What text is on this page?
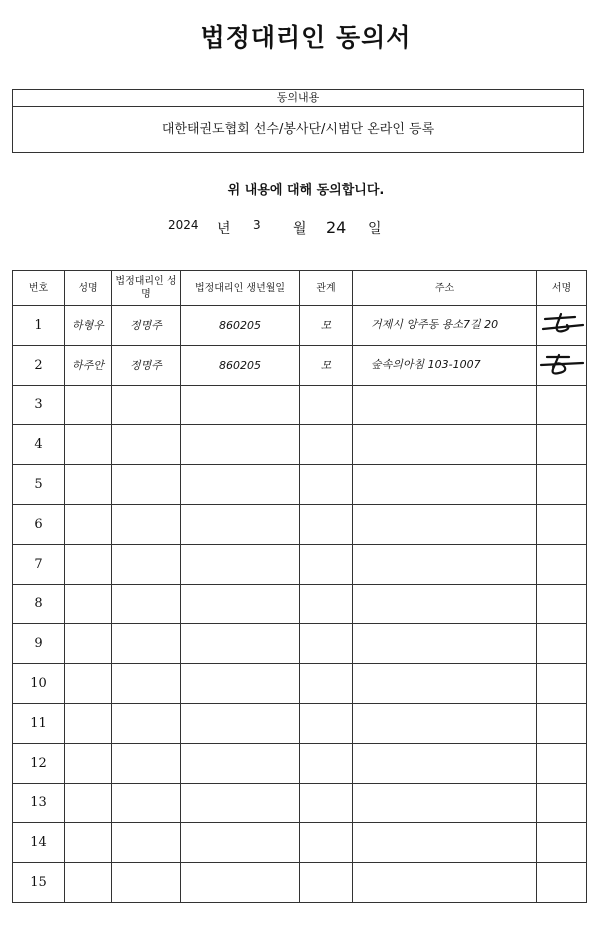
법정대리인 동의서
동의내용
대한태권도협회 선수/봉사단/시범단 온라인 등록
위 내용에 대해 동의합니다.
2024 년 3 월 24 일
번호	성명	법정대리인 성명	법정대리인 생년월일	관계	주소	서명
1	하형우	정명주	860205	모	거제시 앙주동 용소7길 20	

2	하주안	정명주	860205	모	숲속의아침 103-1007	

3						
4						
5						
6						
7						
8						
9						
10						
11						
12						
13						
14						
15						
